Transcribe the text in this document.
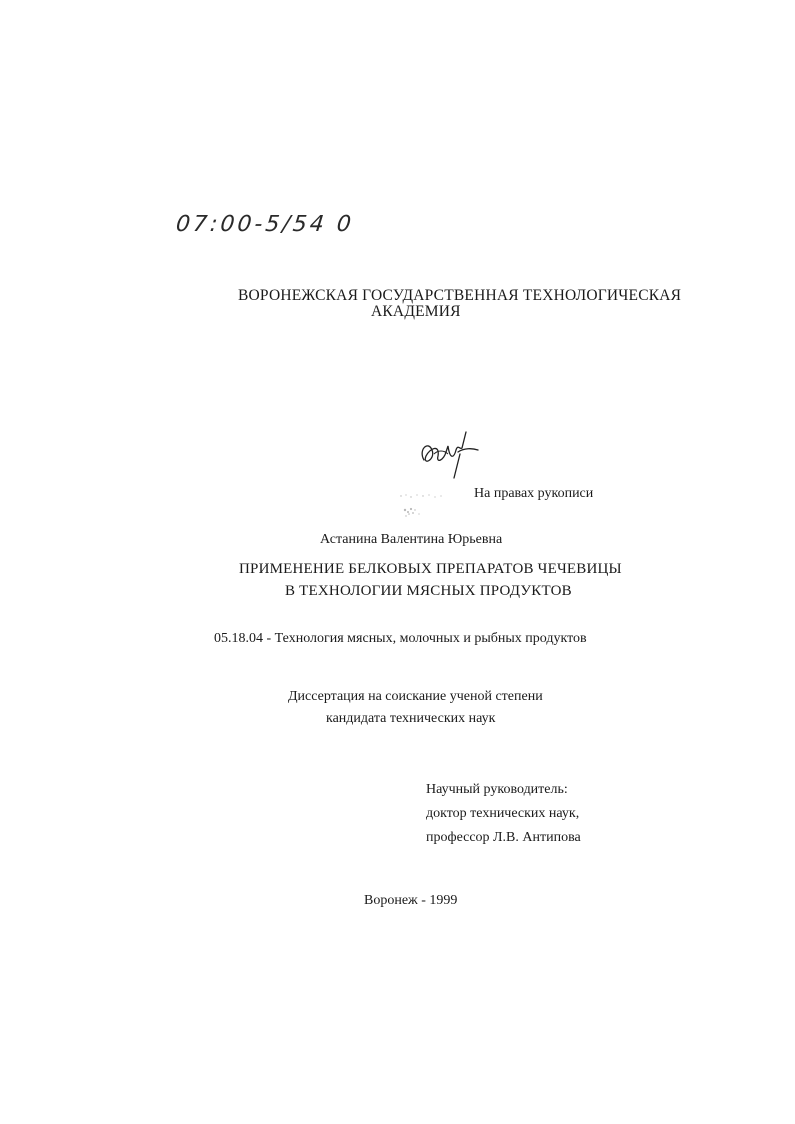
07:00-5/54 0
ВОРОНЕЖСКАЯ ГОСУДАРСТВЕННАЯ ТЕХНОЛОГИЧЕСКАЯ
АКАДЕМИЯ
На правах рукописи
Астанина Валентина Юрьевна
ПРИМЕНЕНИЕ БЕЛКОВЫХ ПРЕПАРАТОВ ЧЕЧЕВИЦЫ
В ТЕХНОЛОГИИ МЯСНЫХ ПРОДУКТОВ
05.18.04 - Технология мясных, молочных и рыбных продуктов
Диссертация на соискание ученой степени
кандидата технических наук
Научный руководитель:
доктор технических наук,
профессор Л.В. Антипова
Воронеж - 1999
